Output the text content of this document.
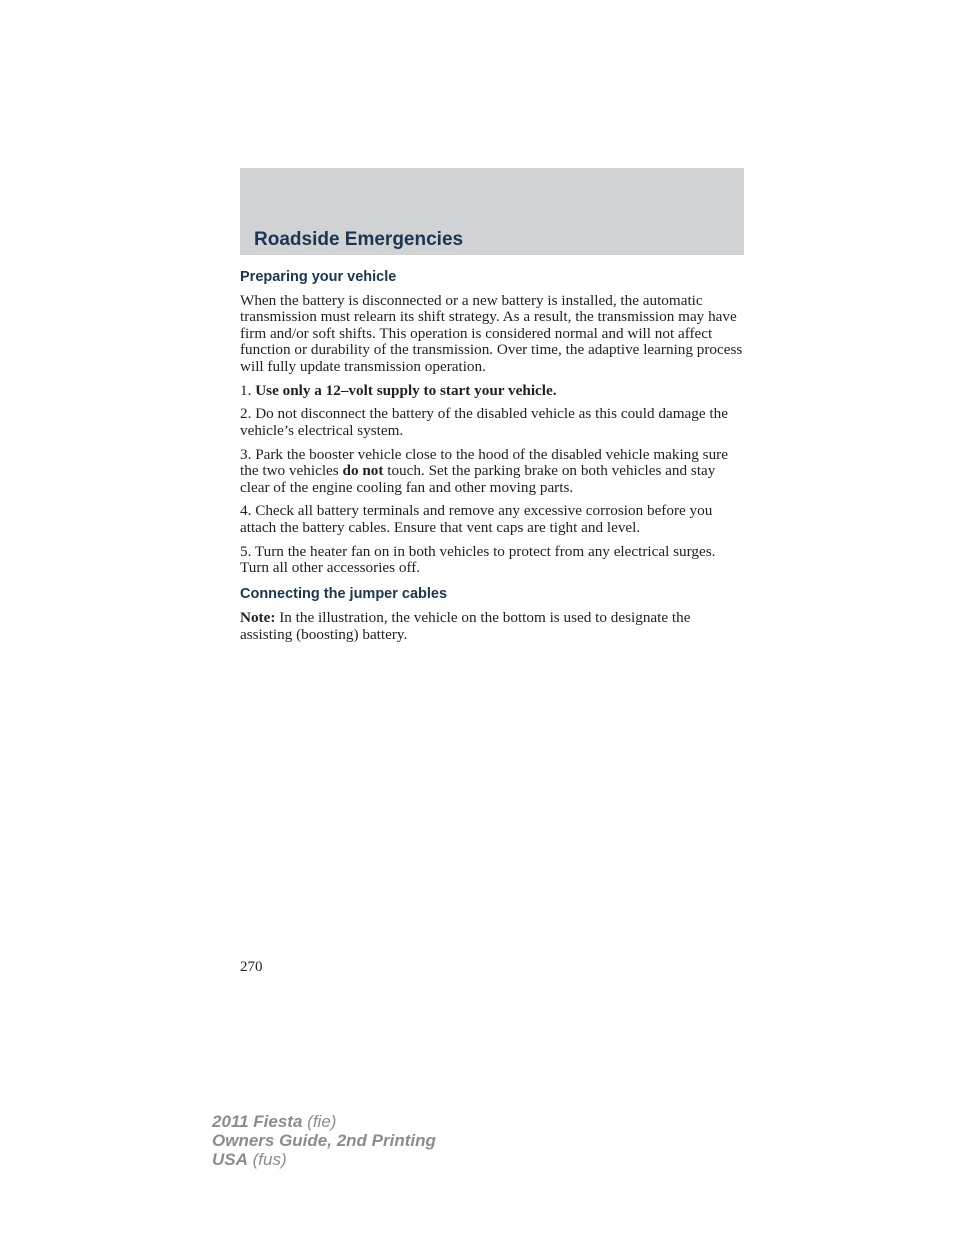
Roadside Emergencies
Preparing your vehicle

When the battery is disconnected or a new battery is installed, the automatic transmission must relearn its shift strategy. As a result, the transmission may have firm and/or soft shifts. This operation is considered normal and will not affect function or durability of the transmission. Over time, the adaptive learning process will fully update transmission operation.

1. Use only a 12–volt supply to start your vehicle.

2. Do not disconnect the battery of the disabled vehicle as this could damage the vehicle’s electrical system.

3. Park the booster vehicle close to the hood of the disabled vehicle making sure the two vehicles do not touch. Set the parking brake on both vehicles and stay clear of the engine cooling fan and other moving parts.

4. Check all battery terminals and remove any excessive corrosion before you attach the battery cables. Ensure that vent caps are tight and level.

5. Turn the heater fan on in both vehicles to protect from any electrical surges. Turn all other accessories off.

Connecting the jumper cables

Note: In the illustration, the vehicle on the bottom is used to designate the assisting (boosting) battery.

270
2011 Fiesta (fie)
Owners Guide, 2nd Printing
USA (fus)
